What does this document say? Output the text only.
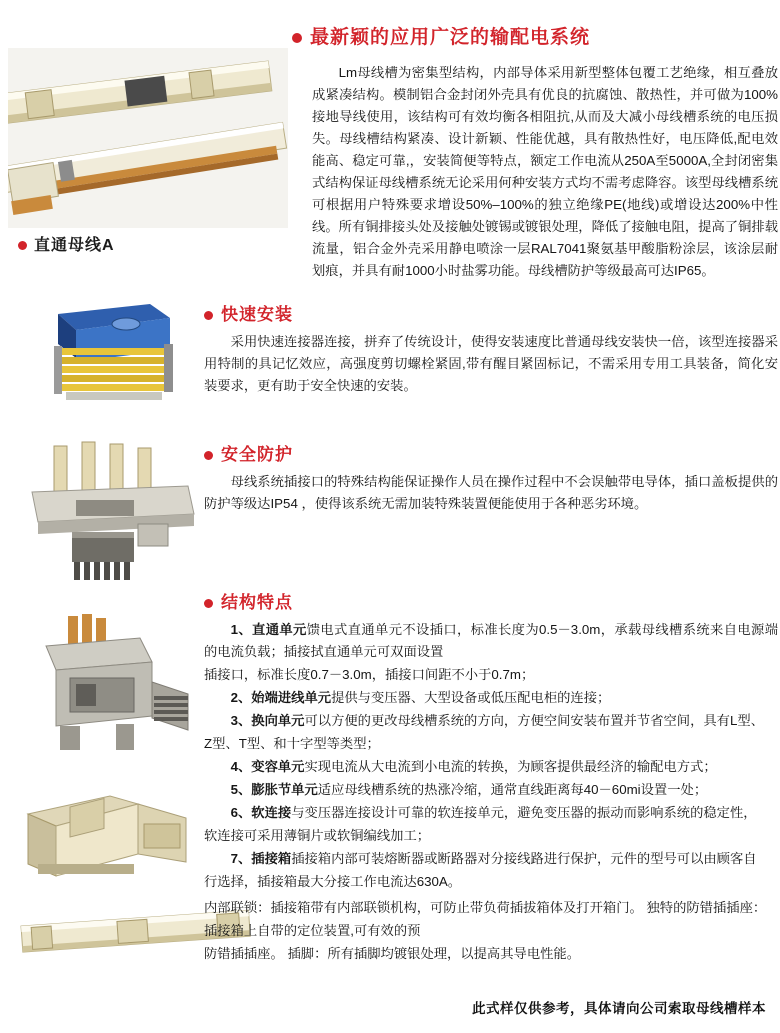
直通母线A
最新颖的应用广泛的输配电系统

Lm母线槽为密集型结构，内部导体采用新型整体包覆工艺绝缘，相互叠放成紧凑结构。模制铝合金封闭外壳具有优良的抗腐蚀、散热性，并可做为100%接地导线使用，该结构可有效均衡各相阻抗,从而及大减小母线槽系统的电压损失。母线槽结构紧凑、设计新颖、性能优越，具有散热性好，电压降低,配电效能高、稳定可靠,，安装简便等特点，额定工作电流从250A至5000A,全封闭密集式结构保证母线槽系统无论采用何种安装方式均不需考虑降容。该型母线槽系统可根据用户特殊要求增设50%–100%的独立绝缘PE(地线)或增设达200%中性线。所有铜排接头处及接触处镀锡或镀银处理，降低了接触电阻，提高了铜排载流量，铝合金外壳采用静电喷涂一层RAL7041聚氨基甲酸脂粉涂层，该涂层耐划痕，并具有耐1000小时盐雾功能。母线槽防护等级最高可达IP65。

快速安装

采用快速连接器连接，拼弃了传统设计，使得安装速度比普通母线安装快一倍，该型连接器采用特制的具记忆效应，高强度剪切螺栓紧固,带有醒目紧固标记，不需采用专用工具装备，简化安装要求，更有助于安全快速的安装。

安全防护

母线系统插接口的特殊结构能保证操作人员在操作过程中不会误触带电导体，插口盖板提供的防护等级达IP54 ，使得该系统无需加装特殊装置便能使用于各种恶劣环境。

结构特点

1、直通单元馈电式直通单元不设插口，标准长度为0.5－3.0m，承载母线槽系统来自电源端的电流负载；插接拭直通单元可双面设置

插接口，标准长度0.7－3.0m，插接口间距不小于0.7m；

2、始端进线单元提供与变压器、大型设备或低压配电柜的连接；

3、换向单元可以方便的更改母线槽系统的方向，方便空间安装布置并节省空间，具有L型、

Z型、T型、和十字型等类型；

4、变容单元实现电流从大电流到小电流的转换，为顾客提供最经济的输配电方式；

5、膨胀节单元适应母线槽系统的热涨冷缩，通常直线距离每40－60mi设置一处；

6、软连接与变压器连接设计可靠的软连接单元，避免变压器的振动而影响系统的稳定性，

软连接可采用薄铜片或软铜编线加工；

7、插接箱插接箱内部可装熔断器或断路器对分接线路进行保护，元件的型号可以由顾客自

行选择，插接箱最大分接工作电流达630A。

内部联锁：插接箱带有内部联锁机构，可防止带负荷插拔箱体及打开箱门。 独特的防错插插座：

插接箱上自带的定位装置,可有效的预

防错插插座。 插脚：所有插脚均镀银处理，以提高其导电性能。

此式样仅供参考，具体请向公司索取母线槽样本
